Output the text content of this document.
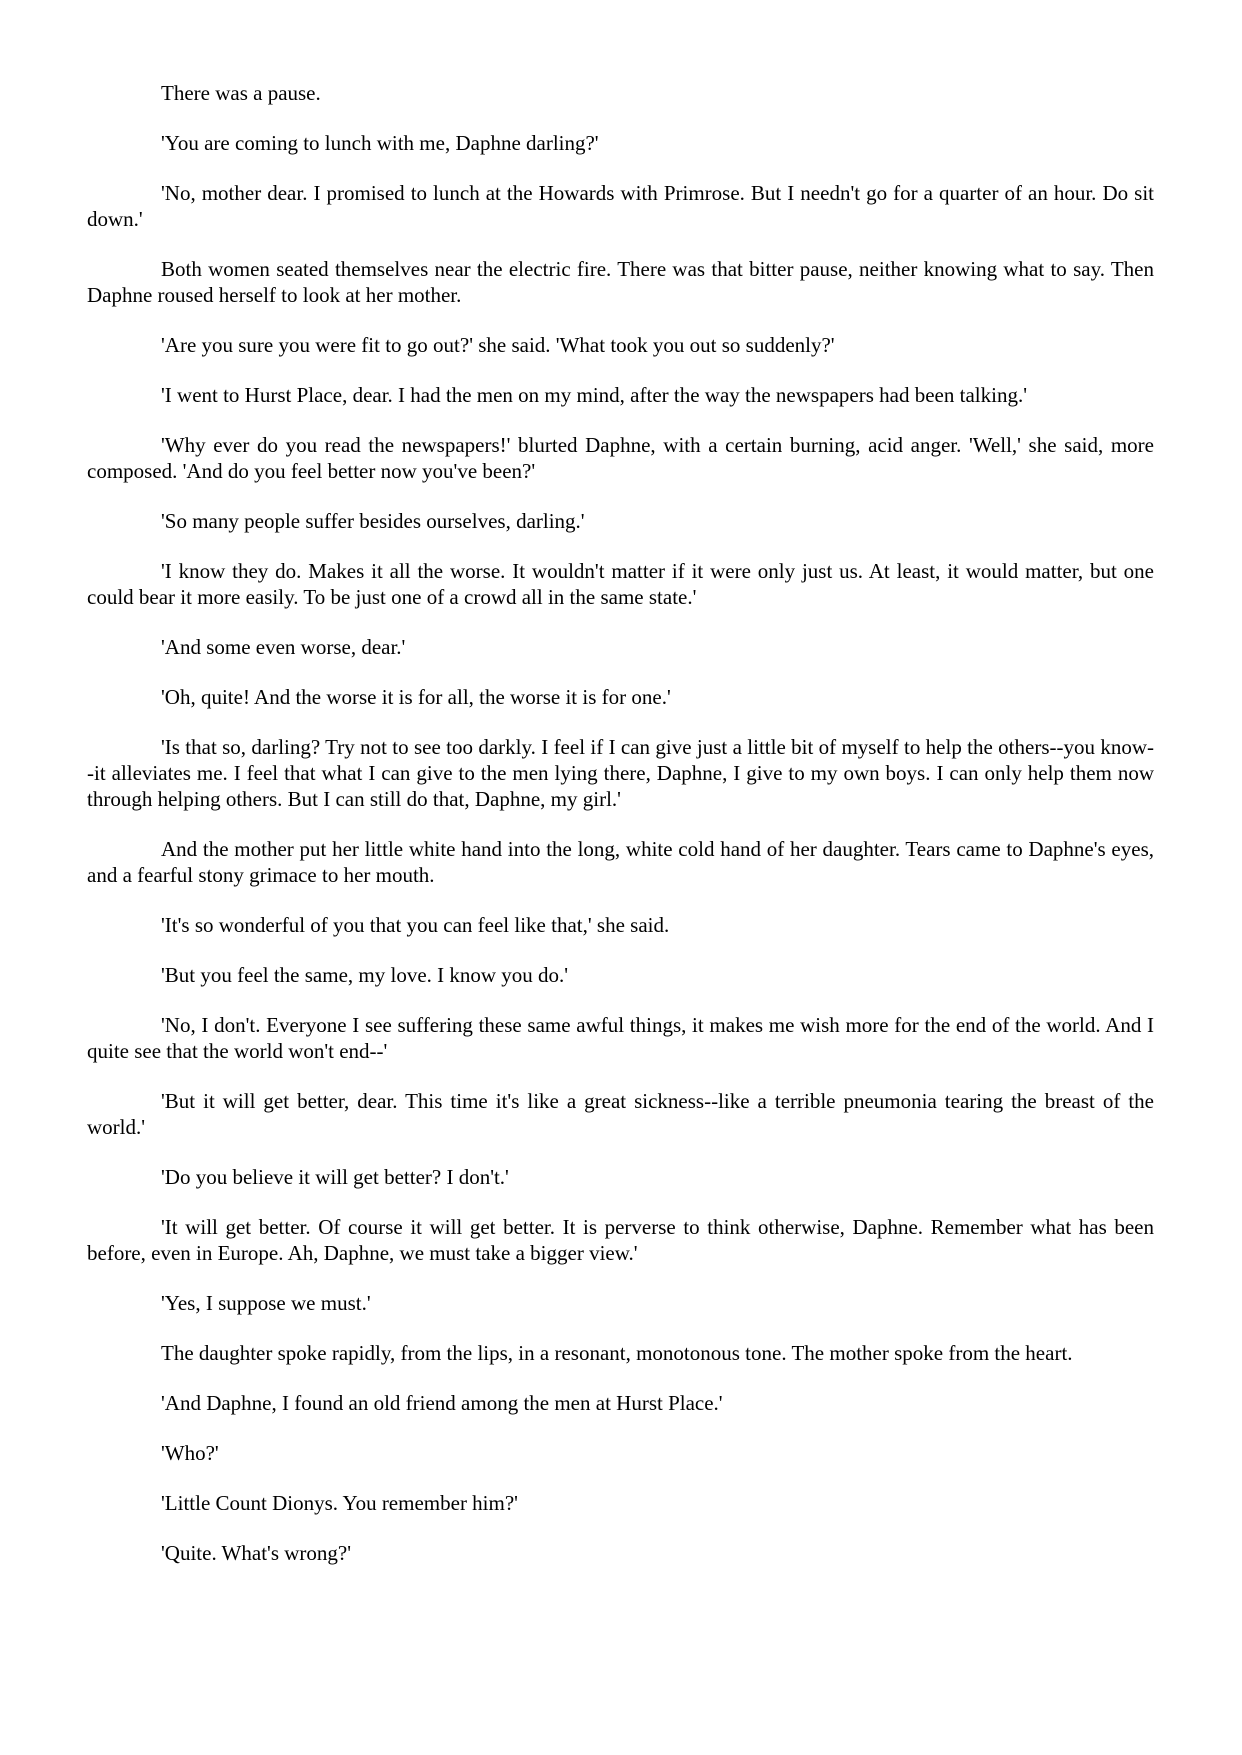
There was a pause.

'You are coming to lunch with me, Daphne darling?'

'No, mother dear. I promised to lunch at the Howards with Primrose. But I needn't go for a quarter of an hour. Do sit down.'

Both women seated themselves near the electric fire. There was that bitter pause, neither knowing what to say. Then Daphne roused herself to look at her mother.

'Are you sure you were fit to go out?' she said. 'What took you out so suddenly?'

'I went to Hurst Place, dear. I had the men on my mind, after the way the newspapers had been talking.'

'Why ever do you read the newspapers!' blurted Daphne, with a certain burning, acid anger. 'Well,' she said, more composed. 'And do you feel better now you've been?'

'So many people suffer besides ourselves, darling.'

'I know they do. Makes it all the worse. It wouldn't matter if it were only just us. At least, it would matter, but one could bear it more easily. To be just one of a crowd all in the same state.'

'And some even worse, dear.'

'Oh, quite! And the worse it is for all, the worse it is for one.'

'Is that so, darling? Try not to see too darkly. I feel if I can give just a little bit of myself to help the others--you know--it alleviates me. I feel that what I can give to the men lying there, Daphne, I give to my own boys. I can only help them now through helping others. But I can still do that, Daphne, my girl.'

And the mother put her little white hand into the long, white cold hand of her daughter. Tears came to Daphne's eyes, and a fearful stony grimace to her mouth.

'It's so wonderful of you that you can feel like that,' she said.

'But you feel the same, my love. I know you do.'

'No, I don't. Everyone I see suffering these same awful things, it makes me wish more for the end of the world. And I quite see that the world won't end--'

'But it will get better, dear. This time it's like a great sickness--like a terrible pneumonia tearing the breast of the world.'

'Do you believe it will get better? I don't.'

'It will get better. Of course it will get better. It is perverse to think otherwise, Daphne. Remember what has been before, even in Europe. Ah, Daphne, we must take a bigger view.'

'Yes, I suppose we must.'

The daughter spoke rapidly, from the lips, in a resonant, monotonous tone. The mother spoke from the heart.

'And Daphne, I found an old friend among the men at Hurst Place.'

'Who?'

'Little Count Dionys. You remember him?'

'Quite. What's wrong?'
